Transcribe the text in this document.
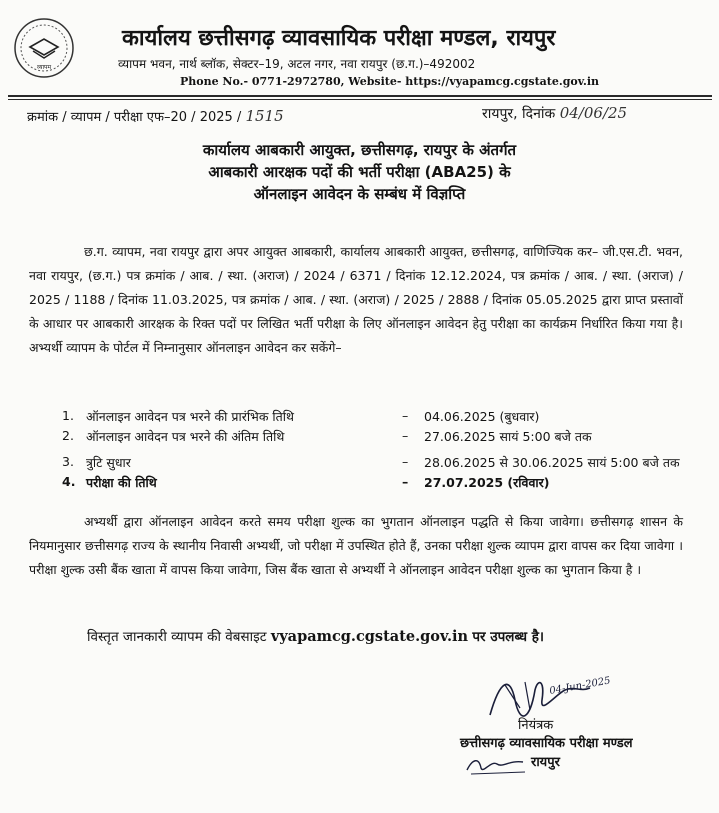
व्यापम
कार्यालय छत्तीसगढ़ व्यावसायिक परीक्षा मण्डल, रायपुर
व्यापम भवन, नार्थ ब्लॉक, सेक्टर–19, अटल नगर, नवा रायपुर (छ.ग.)–492002
Phone No.- 0771-2972780, Website- https://vyapamcg.cgstate.gov.in
क्रमांक / व्यापम / परीक्षा एफ–20 / 2025 / 1515	रायपुर, दिनांक 04/06/25
कार्यालय आबकारी आयुक्त, छत्तीसगढ़, रायपुर के अंतर्गत
आबकारी आरक्षक पदों की भर्ती परीक्षा (ABA25) के
ऑनलाइन आवेदन के सम्बंध में विज्ञप्ति
छ.ग. व्यापम, नवा रायपुर द्वारा अपर आयुक्त आबकारी, कार्यालय आबकारी आयुक्त, छत्तीसगढ़, वाणिज्यिक कर– जी.एस.टी. भवन, नवा रायपुर, (छ.ग.) पत्र क्रमांक / आब. / स्था. (अराज) / 2024 / 6371 / दिनांक 12.12.2024, पत्र क्रमांक / आब. / स्था. (अराज) / 2025 / 1188 / दिनांक 11.03.2025, पत्र क्रमांक / आब. / स्था. (अराज) / 2025 / 2888 / दिनांक 05.05.2025 द्वारा प्राप्त प्रस्तावों के आधार पर आबकारी आरक्षक के रिक्त पदों पर लिखित भर्ती परीक्षा के लिए ऑनलाइन आवेदन हेतु परीक्षा का कार्यक्रम निर्धारित किया गया है। अभ्यर्थी व्यापम के पोर्टल में निम्नानुसार ऑनलाइन आवेदन कर सकेंगे–
1. ऑनलाइन आवेदन पत्र भरने की प्रारंभिक तिथि	– 04.06.2025 (बुधवार)
2. ऑनलाइन आवेदन पत्र भरने की अंतिम तिथि	– 27.06.2025 सायं 5:00 बजे तक
3. त्रुटि सुधार	– 28.06.2025 से 30.06.2025 सायं 5:00 बजे तक
4. परीक्षा की तिथि	– 27.07.2025 (रविवार)
अभ्यर्थी द्वारा ऑनलाइन आवेदन करते समय परीक्षा शुल्क का भुगतान ऑनलाइन पद्धति से किया जावेगा। छत्तीसगढ़ शासन के नियमानुसार छत्तीसगढ़ राज्य के स्थानीय निवासी अभ्यर्थी, जो परीक्षा में उपस्थित होते हैं, उनका परीक्षा शुल्क व्यापम द्वारा वापस कर दिया जावेगा । परीक्षा शुल्क उसी बैंक खाता में वापस किया जावेगा, जिस बैंक खाता से अभ्यर्थी ने ऑनलाइन आवेदन परीक्षा शुल्क का भुगतान किया है ।
विस्तृत जानकारी व्यापम की वेबसाइट vyapamcg.cgstate.gov.in पर उपलब्ध है।
04-Jun-2025
नियंत्रक
छत्तीसगढ़ व्यावसायिक परीक्षा मण्डल
रायपुर
